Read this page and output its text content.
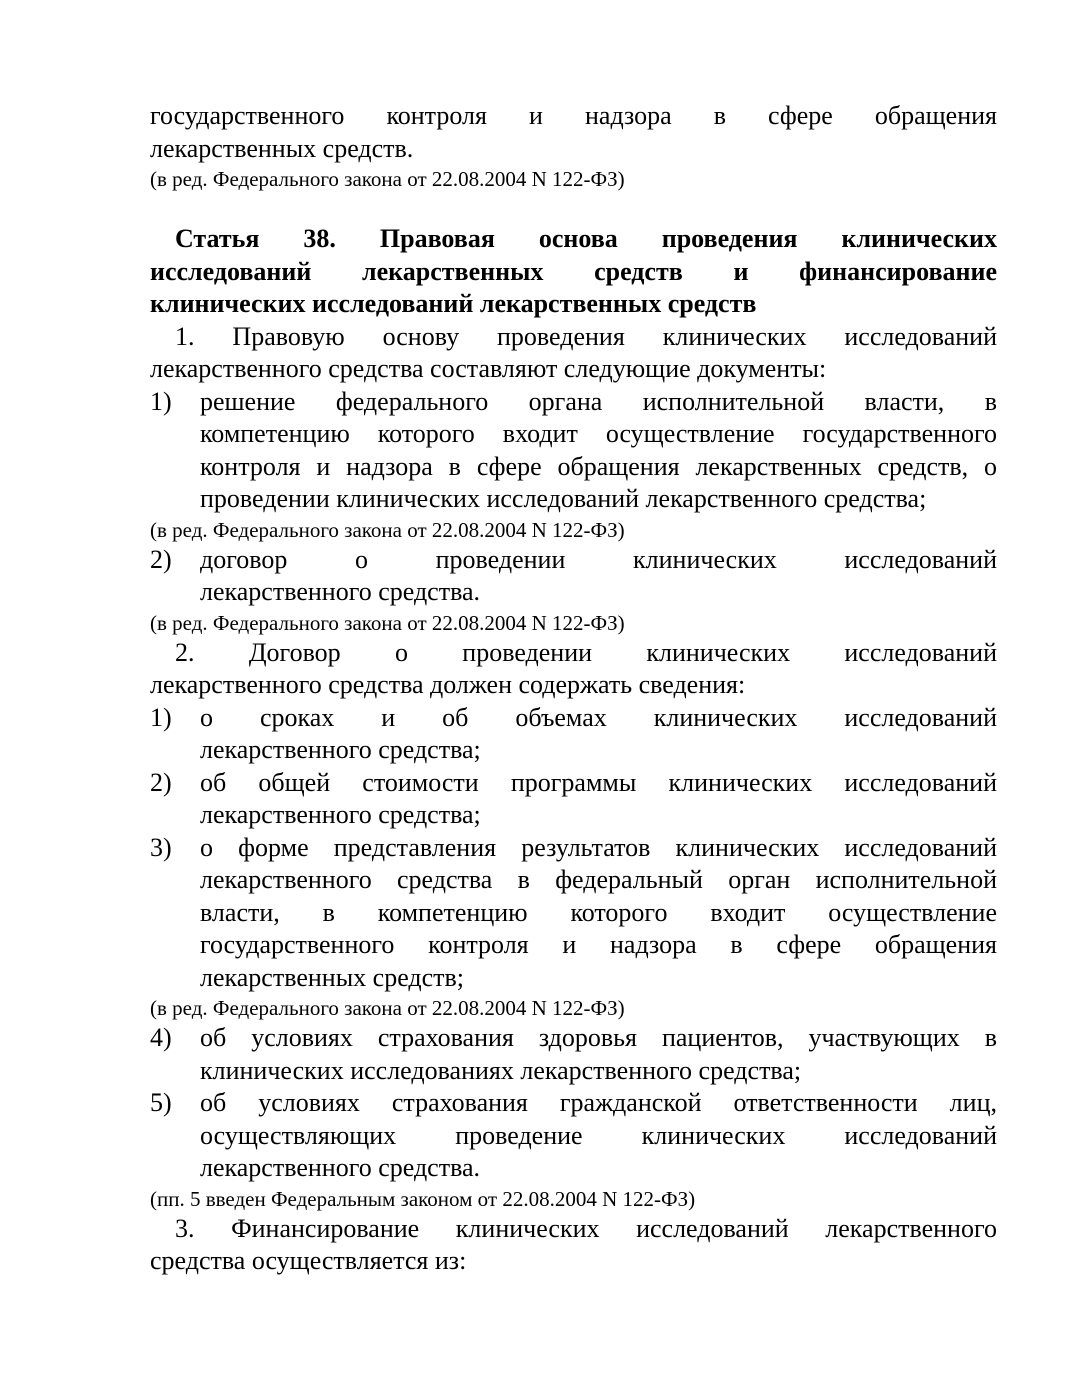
государственного контроля и надзора в сфере обращения
лекарственных средств.
(в ред. Федерального закона от 22.08.2004 N 122-ФЗ)
Статья 38. Правовая основа проведения клинических
исследований лекарственных средств и финансирование
клинических исследований лекарственных средств
1. Правовую основу проведения клинических исследований
лекарственного средства составляют следующие документы:
1) решение федерального органа исполнительной власти, в
компетенцию которого входит осуществление государственного
контроля и надзора в сфере обращения лекарственных средств, о
проведении клинических исследований лекарственного средства;
(в ред. Федерального закона от 22.08.2004 N 122-ФЗ)
2) договор о проведении клинических исследований
лекарственного средства.
(в ред. Федерального закона от 22.08.2004 N 122-ФЗ)
2. Договор о проведении клинических исследований
лекарственного средства должен содержать сведения:
1) о сроках и об объемах клинических исследований
лекарственного средства;
2) об общей стоимости программы клинических исследований
лекарственного средства;
3) о форме представления результатов клинических исследований
лекарственного средства в федеральный орган исполнительной
власти, в компетенцию которого входит осуществление
государственного контроля и надзора в сфере обращения
лекарственных средств;
(в ред. Федерального закона от 22.08.2004 N 122-ФЗ)
4) об условиях страхования здоровья пациентов, участвующих в
клинических исследованиях лекарственного средства;
5) об условиях страхования гражданской ответственности лиц,
осуществляющих проведение клинических исследований
лекарственного средства.
(пп. 5 введен Федеральным законом от 22.08.2004 N 122-ФЗ)
3. Финансирование клинических исследований лекарственного
средства осуществляется из:
